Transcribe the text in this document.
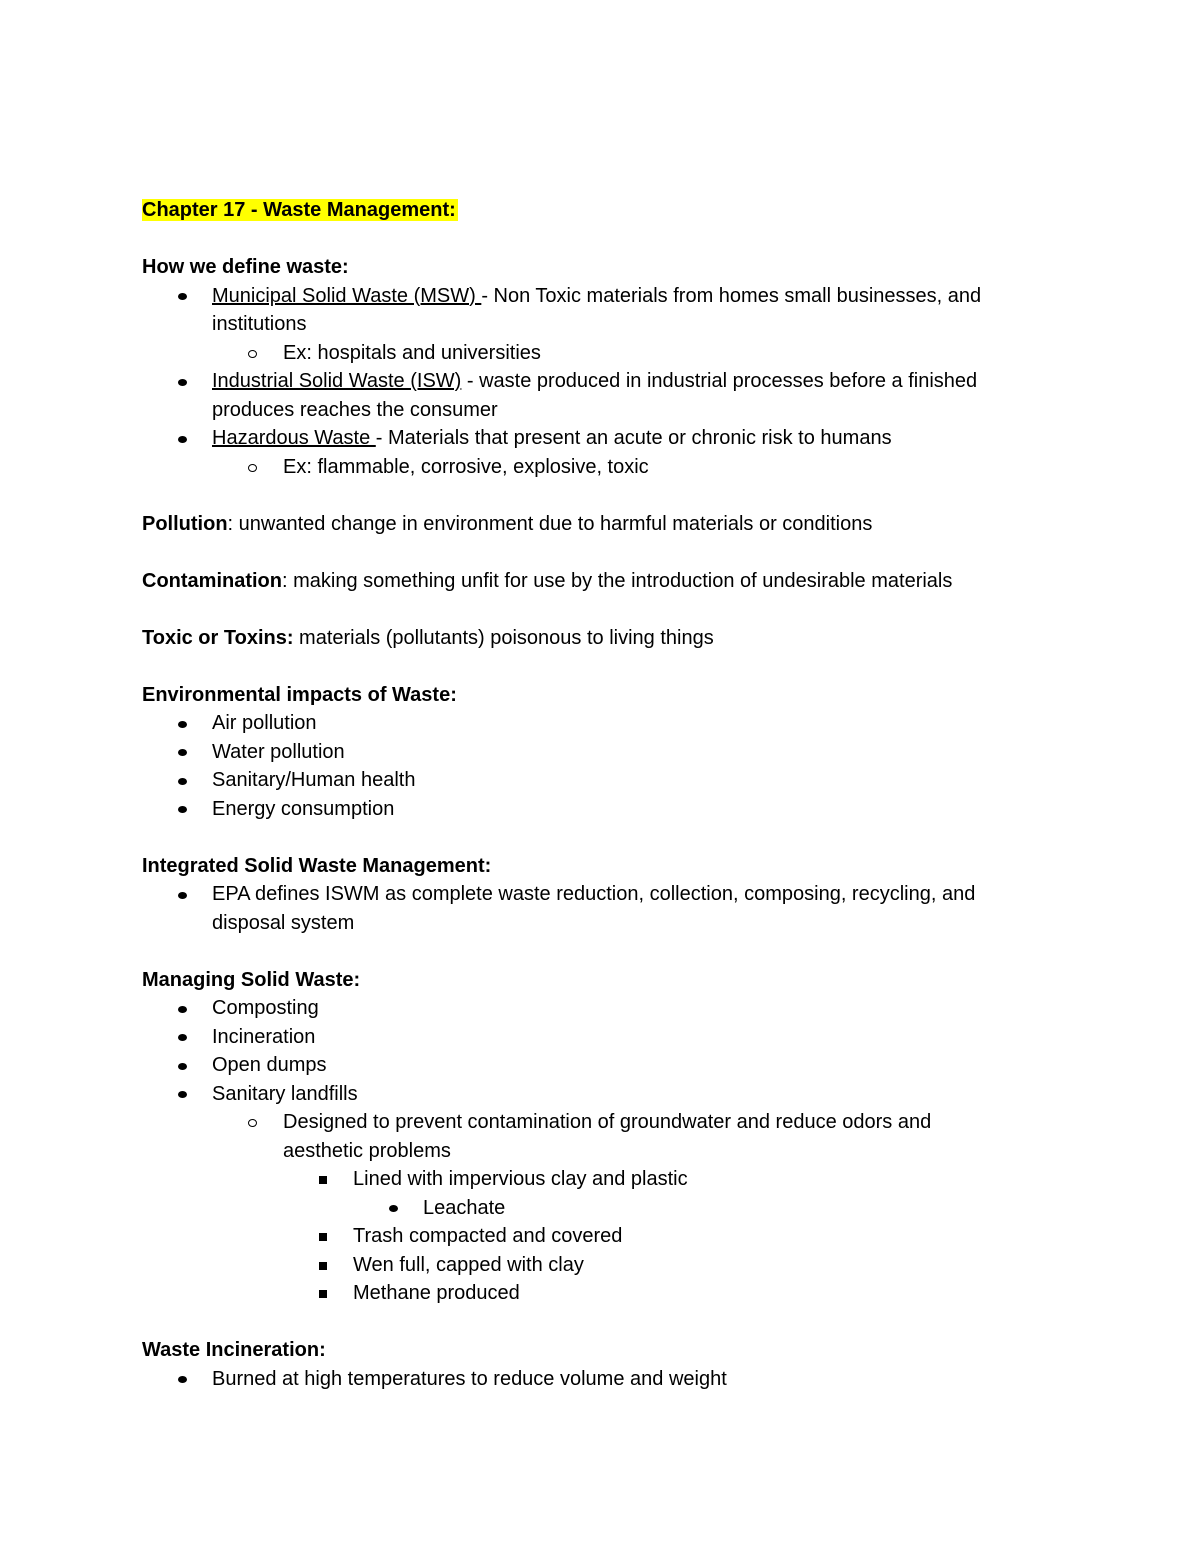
Chapter 17 - Waste Management:
How we define waste:
Municipal Solid Waste (MSW) - Non Toxic materials from homes small businesses, and
institutions
Ex: hospitals and universities
Industrial Solid Waste (ISW) - waste produced in industrial processes before a finished
produces reaches the consumer
Hazardous Waste - Materials that present an acute or chronic risk to humans
Ex: flammable, corrosive, explosive, toxic
Pollution: unwanted change in environment due to harmful materials or conditions
Contamination: making something unfit for use by the introduction of undesirable materials
Toxic or Toxins: materials (pollutants) poisonous to living things
Environmental impacts of Waste:
Air pollution
Water pollution
Sanitary/Human health
Energy consumption
Integrated Solid Waste Management:
EPA defines ISWM as complete waste reduction, collection, composing, recycling, and
disposal system
Managing Solid Waste:
Composting
Incineration
Open dumps
Sanitary landfills
Designed to prevent contamination of groundwater and reduce odors and
aesthetic problems
Lined with impervious clay and plastic
Leachate
Trash compacted and covered
Wen full, capped with clay
Methane produced
Waste Incineration:
Burned at high temperatures to reduce volume and weight
